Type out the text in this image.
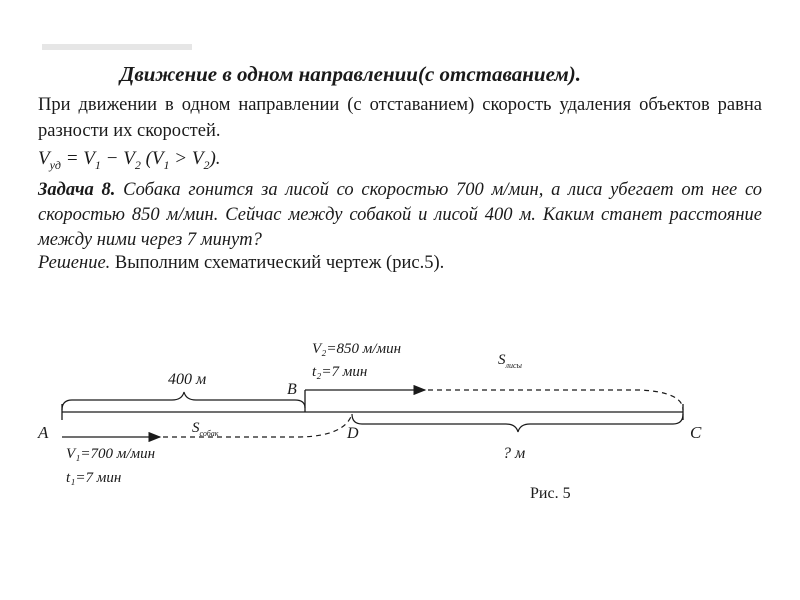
Движение в одном направлении(с отставанием).
При движении в одном направлении (с отставанием) скорость удаления объектов равна разности их скоростей.
$V_{уд} = V_1 - V_2$ $(V_1 > V_2)$.
Задача 8. Собака гонится за лисой со скоростью 700 м/мин, а лиса убегает от нее со скоростью 850 м/мин. Сейчас между собакой и лисой 400 м. Каким станет расстояние между ними через 7 минут?
Решение. Выполним схематический чертеж (рис.5).
A
B
C
D
400 м
? м
V₂=850 м/мин
t₂=7 мин
$S_{лисы}$
V₁=700 м/мин
t₁=7 мин
$S_{собак}$
Рис. 5
